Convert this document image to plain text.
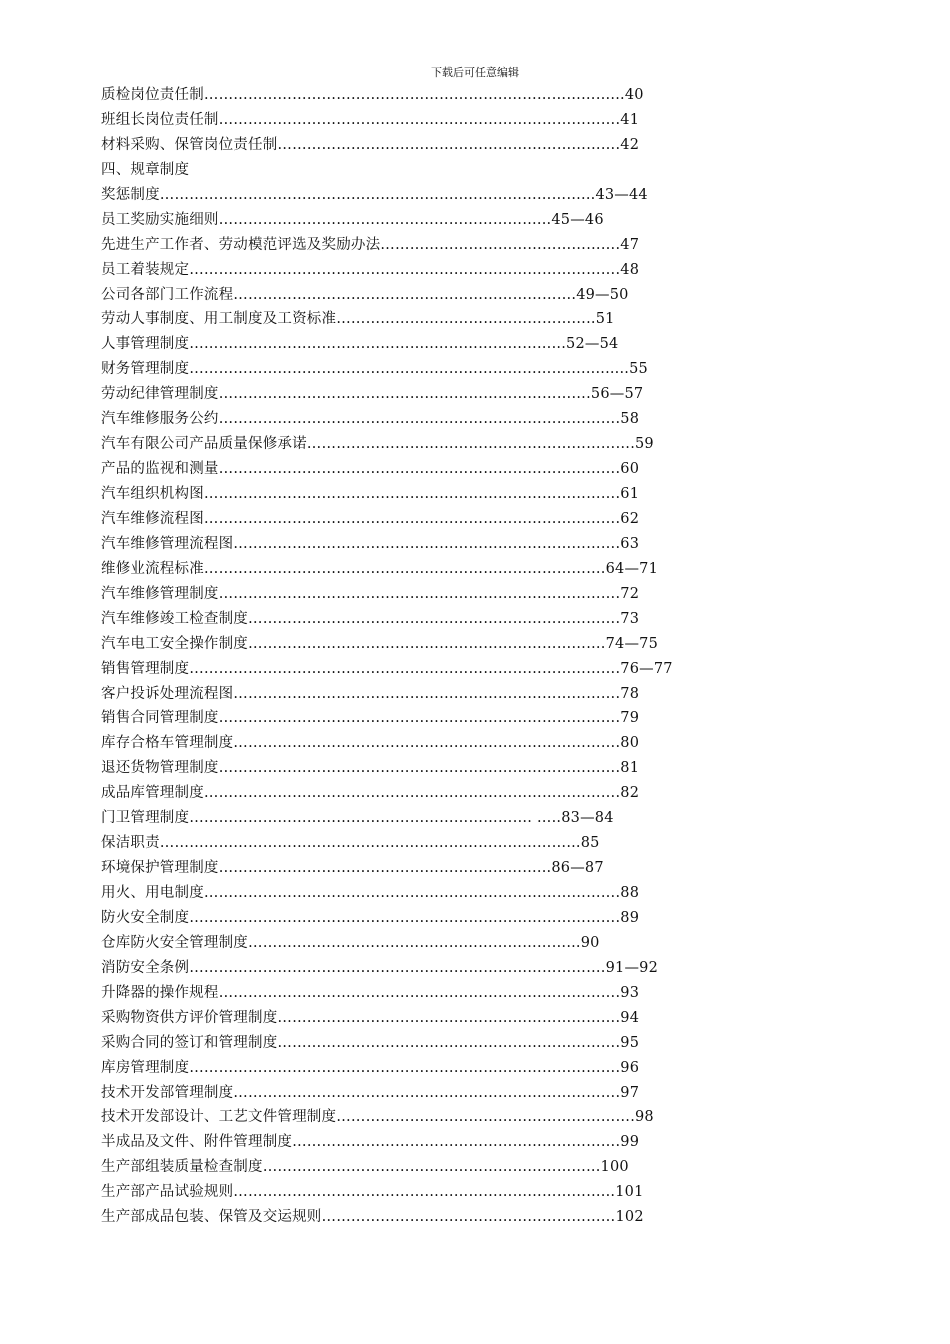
下载后可任意编辑
质检岗位责任制……………………………………………………..…………………...40
班组长岗位责任制……………………………………………………………………….41
材料采购、保管岗位责任制…………………………………………………………….42
四、规章制度
奖惩制度……………………………………………………..……………………...43—44
员工奖励实施细则………………………..………………………………...45—46
先进生产工作者、劳动模范评选及奖励办法………………………………………….47
员工着装规定…………………………………………………………………………….48
公司各部门工作流程…………………………………………………………….49—50
劳动人事制度、用工制度及工资标准……………………………………………..51
人事管理制度…………………………………………..……………………...52—54
财务管理制度…………………………………………..…………………………..........55
劳动纪律管理制度………………………………………………………………….56—57
汽车维修服务公约……………………………………………………………………….58
汽车有限公司产品质量保修承诺………………………………………………………….59
产品的监视和测量……………………………………………………………………….60
汽车组织机构图………………………………………………………………………….61
汽车维修流程图………………………………………………………………………….62
汽车维修管理流程图…………………………………………………………………….63
维修业流程标准……………………………………………………………………….64—71
汽车维修管理制度……………………………………………………………………….72
汽车维修竣工检查制度………………………………………………………………….73
汽车电工安全操作制度……………………………………………………………….74—75
销售管理制度…………………………………………………………………………….76—77
客户投诉处理流程图…………………………………………………………………….78
销售合同管理制度……………………………………………………………………….79
库存合格车管理制度…………………………………………………………………….80
退还货物管理制度……………………………………………………………………….81
成品库管理制度………………………………………………………………………….82
门卫管理制度……………………………………………………………. …..83—84
保洁职责……………………………………..…………………………………...85
环境保护管理制度………………………………………………..………...86—87
用火、用电制度………………………………………………………………………….88
防火安全制度…………………………………………………………………………….89
仓库防火安全管理制度………..………………………………………………...90
消防安全条例………………………………………………………………………….91—92
升降器的操作规程……………………………………………………………………….93
采购物资供方评价管理制度…………………………………………………………….94
采购合同的签订和管理制度…………………………………………………………….95
库房管理制度…………………………………………………………………………….96
技术开发部管理制度…………………………………………………………………….97
技术开发部设计、工艺文件管理制度…………………………………………………….98
半成品及文件、附件管理制度………………………………………………………….99
生产部组装质量检查制度…………………………………………………………...100
生产部产品试验规则…………………………………………………………………...101
生产部成品包装、保管及交运规则……………………………………………………102
